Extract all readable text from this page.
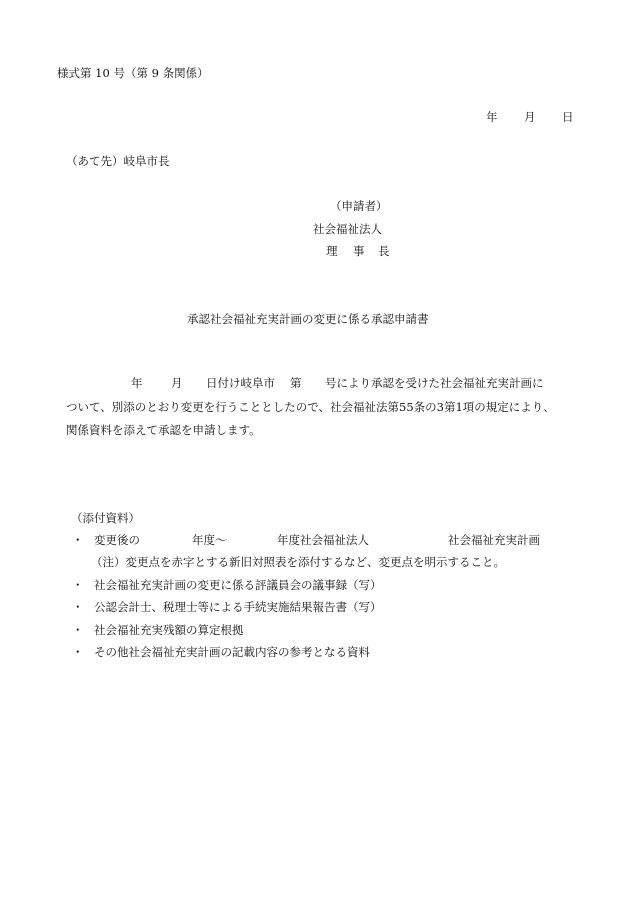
様式第 10 号（第 9 条関係）
年	月	日
（あて先）岐阜市長
（申請者）
社会福祉法人
理 事 長
承認社会福祉充実計画の変更に係る承認申請書
年	月	日付け岐阜市	第	号により承認を受けた社会福祉充実計画に
ついて、別添のとおり変更を行うこととしたので、社会福祉法第55条の3第1項の規定により、
関係資料を添えて承認を申請します。
（添付資料）
・ 変更後の	年度～	年度社会福祉法人	社会福祉充実計画
（注）変更点を赤字とする新旧対照表を添付するなど、変更点を明示すること。
・ 社会福祉充実計画の変更に係る評議員会の議事録（写）
・ 公認会計士、税理士等による手続実施結果報告書（写）
・ 社会福祉充実残額の算定根拠
・ その他社会福祉充実計画の記載内容の参考となる資料
